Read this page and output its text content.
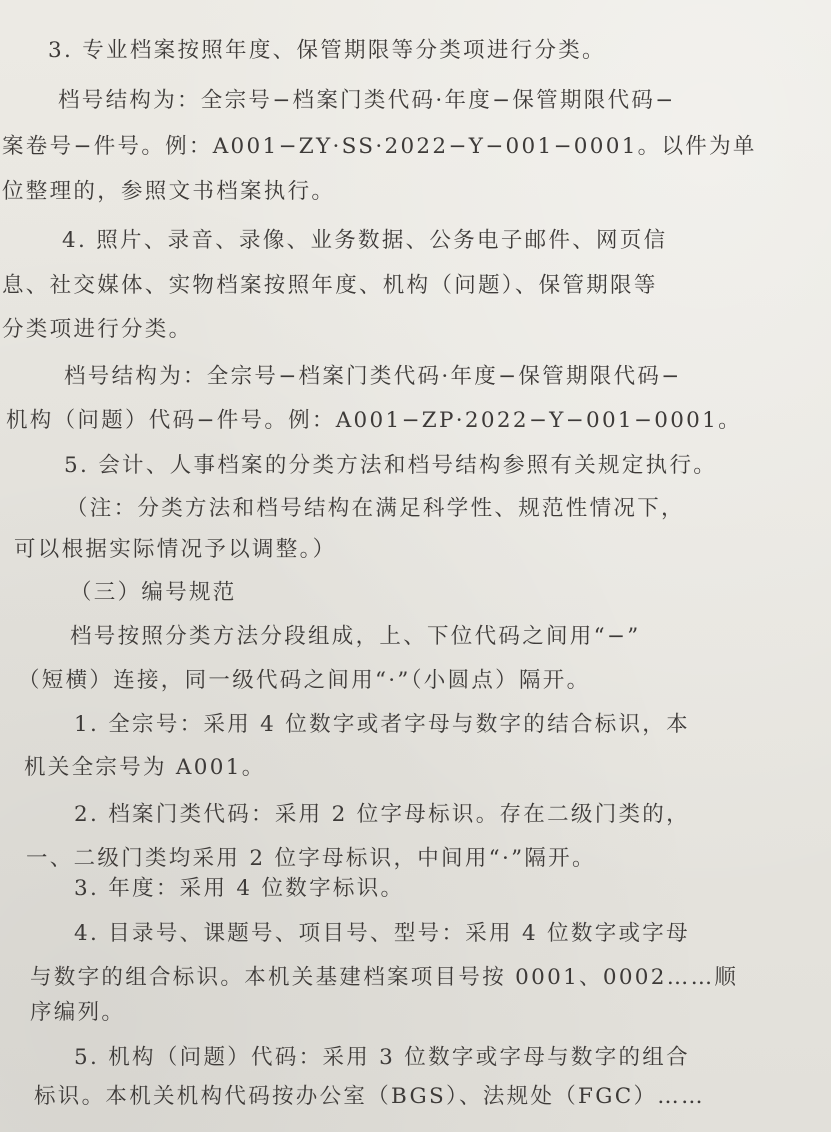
3. 专业档案按照年度、保管期限等分类项进行分类。
档号结构为：全宗号−档案门类代码·年度−保管期限代码−
案卷号−件号。例：A001−ZY·SS·2022−Y−001−0001。以件为单
位整理的，参照文书档案执行。
4. 照片、录音、录像、业务数据、公务电子邮件、网页信
息、社交媒体、实物档案按照年度、机构（问题）、保管期限等
分类项进行分类。
档号结构为：全宗号−档案门类代码·年度−保管期限代码−
机构（问题）代码−件号。例：A001−ZP·2022−Y−001−0001。
5. 会计、人事档案的分类方法和档号结构参照有关规定执行。
（注：分类方法和档号结构在满足科学性、规范性情况下，
可以根据实际情况予以调整。）
（三）编号规范
档号按照分类方法分段组成，上、下位代码之间用“−”
（短横）连接，同一级代码之间用“·”（小圆点）隔开。
1. 全宗号：采用 4 位数字或者字母与数字的结合标识，本
机关全宗号为 A001。
2. 档案门类代码：采用 2 位字母标识。存在二级门类的，
一、二级门类均采用 2 位字母标识，中间用“·”隔开。
3. 年度：采用 4 位数字标识。
4. 目录号、课题号、项目号、型号：采用 4 位数字或字母
与数字的组合标识。本机关基建档案项目号按 0001、0002……顺
序编列。
5. 机构（问题）代码：采用 3 位数字或字母与数字的组合
标识。本机关机构代码按办公室（BGS）、法规处（FGC）……
